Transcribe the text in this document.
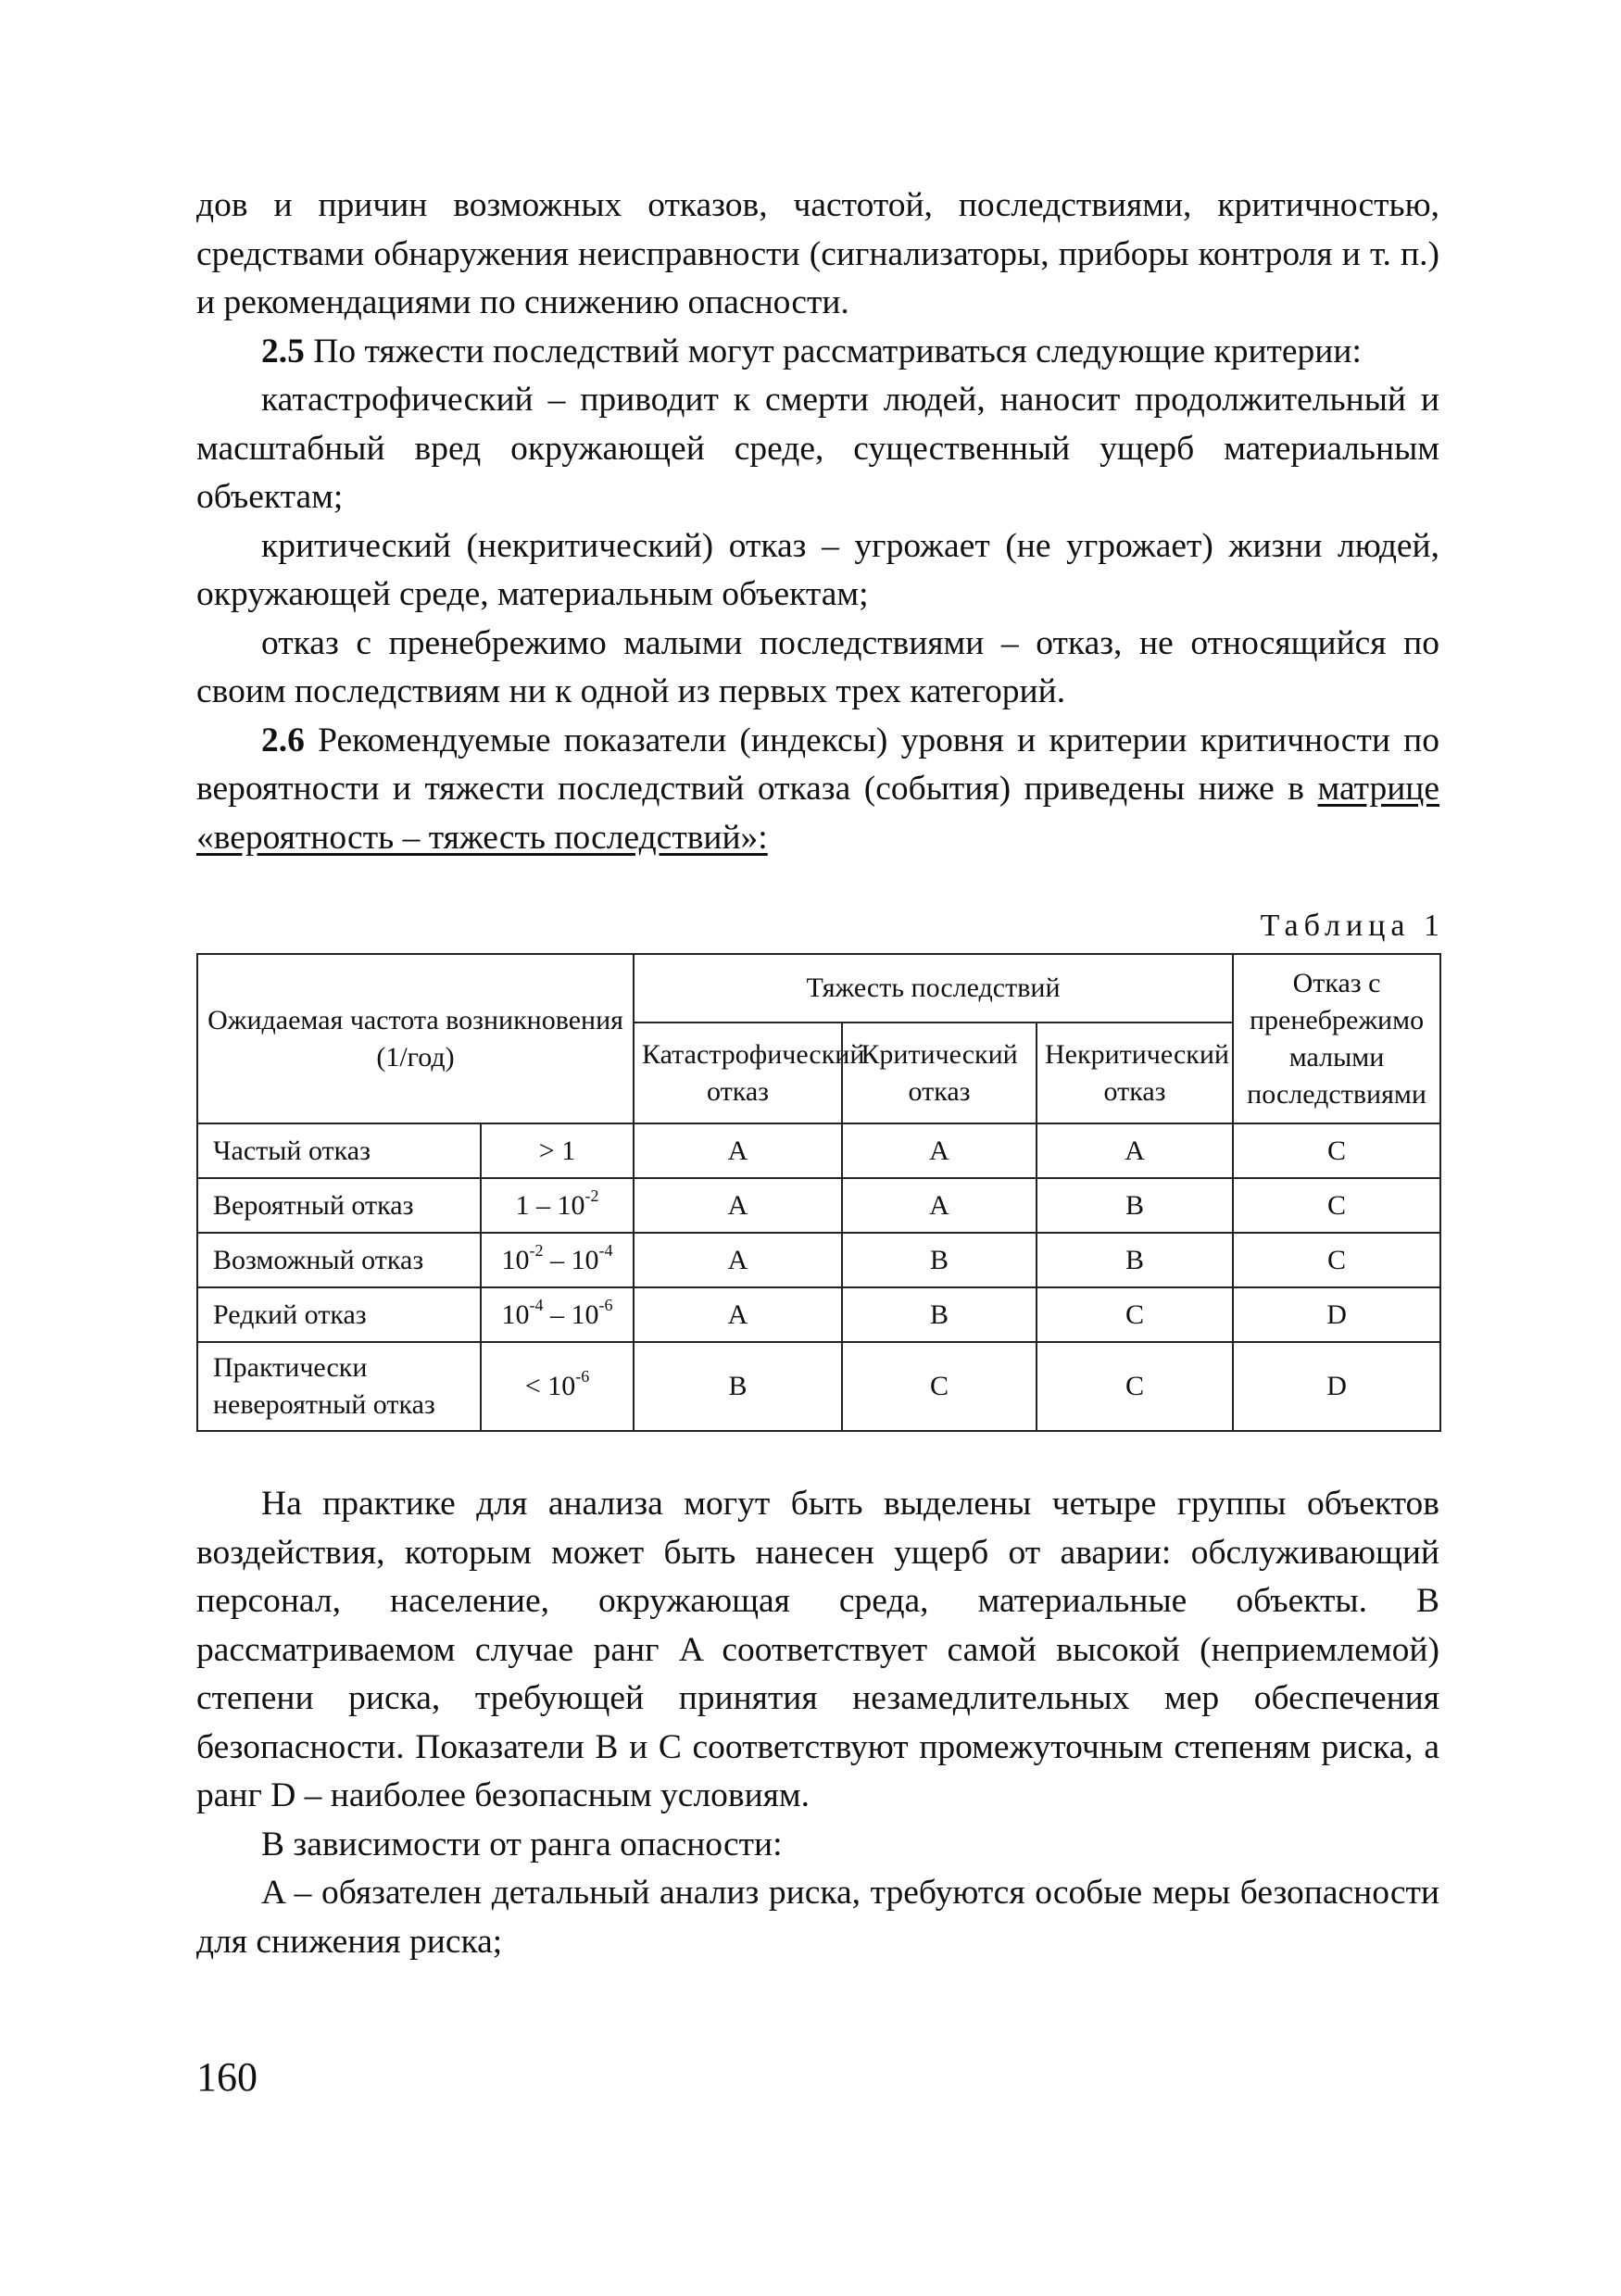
дов и причин возможных отказов, частотой, последствиями, критичностью, средствами обнаружения неисправности (сигнализаторы, приборы контроля и т. п.) и рекомендациями по снижению опасности.

2.5 По тяжести последствий могут рассматриваться следующие критерии:

катастрофический – приводит к смерти людей, наносит продолжительный и масштабный вред окружающей среде, существенный ущерб материальным объектам;

критический (некритический) отказ – угрожает (не угрожает) жизни людей, окружающей среде, материальным объектам;

отказ с пренебрежимо малыми последствиями – отказ, не относящийся по своим последствиям ни к одной из первых трех категорий.

2.6 Рекомендуемые показатели (индексы) уровня и критерии критичности по вероятности и тяжести последствий отказа (события) приведены ниже в матрице «вероятность – тяжесть последствий»:

Таблица 1
Ожидаемая частота возникновения (1/год)		Тяжесть последствий			Отказ с пренебрежимо малыми последствиями
		Катастрофический отказ	Критический отказ	Некритический отказ	
Частый отказ	> 1	A	A	A	C
Вероятный отказ	$1 - 10^{-2}$	A	A	B	C
Возможный отказ	$10^{-2} - 10^{-4}$	A	B	B	C
Редкий отказ	$10^{-4} - 10^{-6}$	A	B	C	D
Практически невероятный отказ	< $10^{-6}$	B	C	C	D

На практике для анализа могут быть выделены четыре группы объектов воздействия, которым может быть нанесен ущерб от аварии: обслуживающий персонал, население, окружающая среда, материальные объекты. В рассматриваемом случае ранг A соответствует самой высокой (неприемлемой) степени риска, требующей принятия незамедлительных мер обеспечения безопасности. Показатели B и C соответствуют промежуточным степеням риска, а ранг D – наиболее безопасным условиям.

В зависимости от ранга опасности:

A – обязателен детальный анализ риска, требуются особые меры безопасности для снижения риска;

160
